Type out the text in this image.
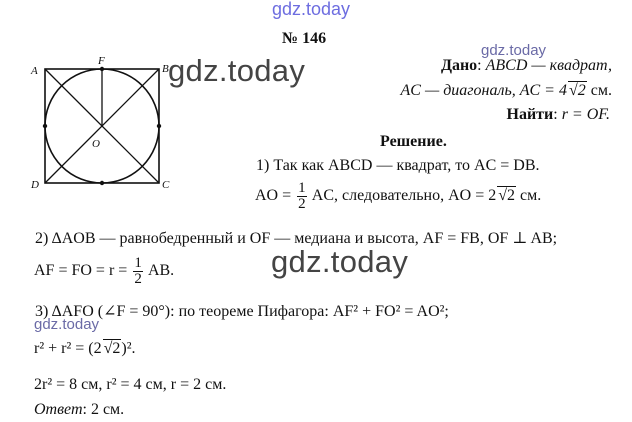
gdz.today
№ 146
A	B
C
D
F
O
gdz.today
gdz.today
gdz.today
gdz.today
Дано: ABCD — квадрат,
AC — диагональ, AC = 4 √2 см.
Найти: r = OF.
Решение.
1) Так как ABCD — квадрат, то AC = DB.
AO = $\frac{1}{2}$ AC, следовательно, AO = 2 √2 см.
2) ΔAOB — равнобедренный и OF — медиана и высота, AF = FB, OF ⊥ AB;
AF = FO = $r = \frac{1}{2}$ AB.
3) ΔAFO (∠F = 90°): по теореме Пифагора: AF² + FO² = AO²;
r² + r² = (2 √2)².
2r² = 8 см, r² = 4 см, r = 2 см.
Ответ: 2 см.
